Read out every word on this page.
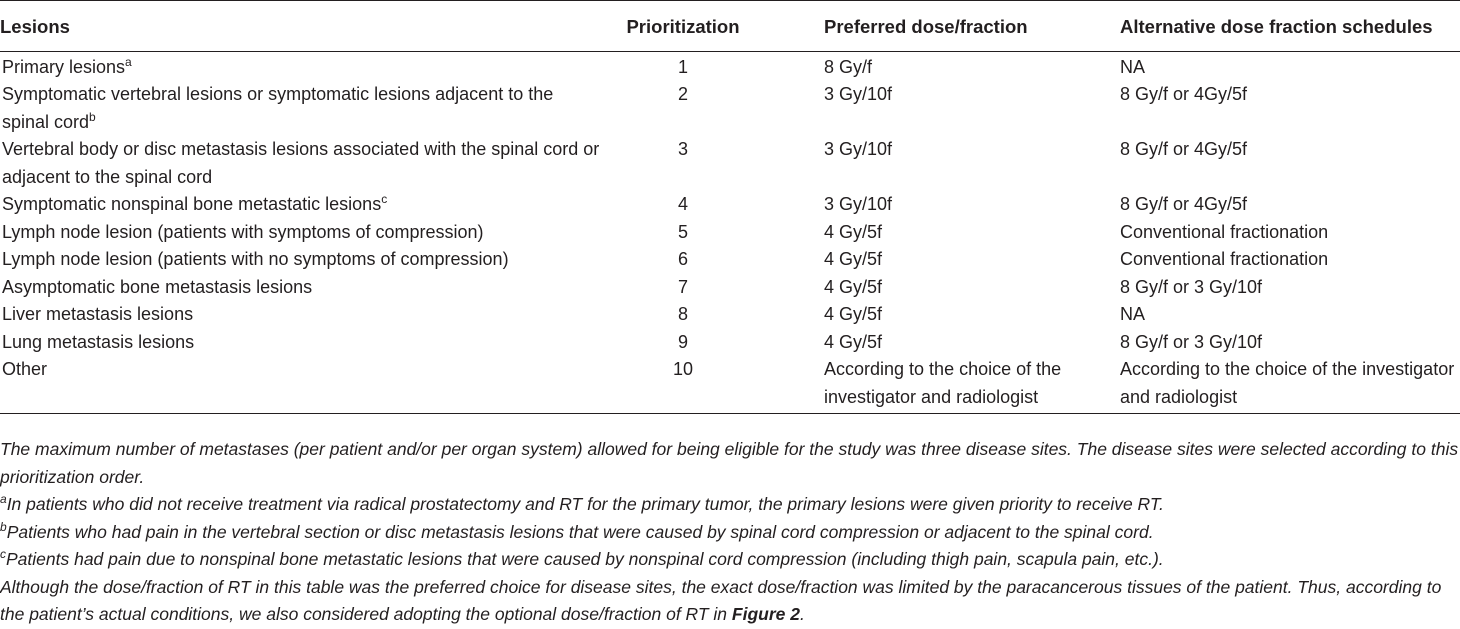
Lesions	Prioritization	Preferred dose/fraction	Alternative dose fraction schedules
Primary lesions$^a$	1	8 Gy/f	NA
Symptomatic vertebral lesions or symptomatic lesions adjacent to the spinal cord$^b$	2	3 Gy/10f	8 Gy/f or 4Gy/5f
Vertebral body or disc metastasis lesions associated with the spinal cord or adjacent to the spinal cord	3	3 Gy/10f	8 Gy/f or 4Gy/5f
Symptomatic nonspinal bone metastatic lesions$^c$	4	3 Gy/10f	8 Gy/f or 4Gy/5f
Lymph node lesion (patients with symptoms of compression)	5	4 Gy/5f	Conventional fractionation
Lymph node lesion (patients with no symptoms of compression)	6	4 Gy/5f	Conventional fractionation
Asymptomatic bone metastasis lesions	7	4 Gy/5f	8 Gy/f or 3 Gy/10f
Liver metastasis lesions	8	4 Gy/5f	NA
Lung metastasis lesions	9	4 Gy/5f	8 Gy/f or 3 Gy/10f
Other	10	According to the choice of the investigator and radiologist	According to the choice of the investigator and radiologist

The maximum number of metastases (per patient and/or per organ system) allowed for being eligible for the study was three disease sites. The disease sites were selected according to this prioritization order.

$^a$In patients who did not receive treatment via radical prostatectomy and RT for the primary tumor, the primary lesions were given priority to receive RT.

$^b$Patients who had pain in the vertebral section or disc metastasis lesions that were caused by spinal cord compression or adjacent to the spinal cord.

$^c$Patients had pain due to nonspinal bone metastatic lesions that were caused by nonspinal cord compression (including thigh pain, scapula pain, etc.).

Although the dose/fraction of RT in this table was the preferred choice for disease sites, the exact dose/fraction was limited by the paracancerous tissues of the patient. Thus, according to the patient’s actual conditions, we also considered adopting the optional dose/fraction of RT in Figure 2.
